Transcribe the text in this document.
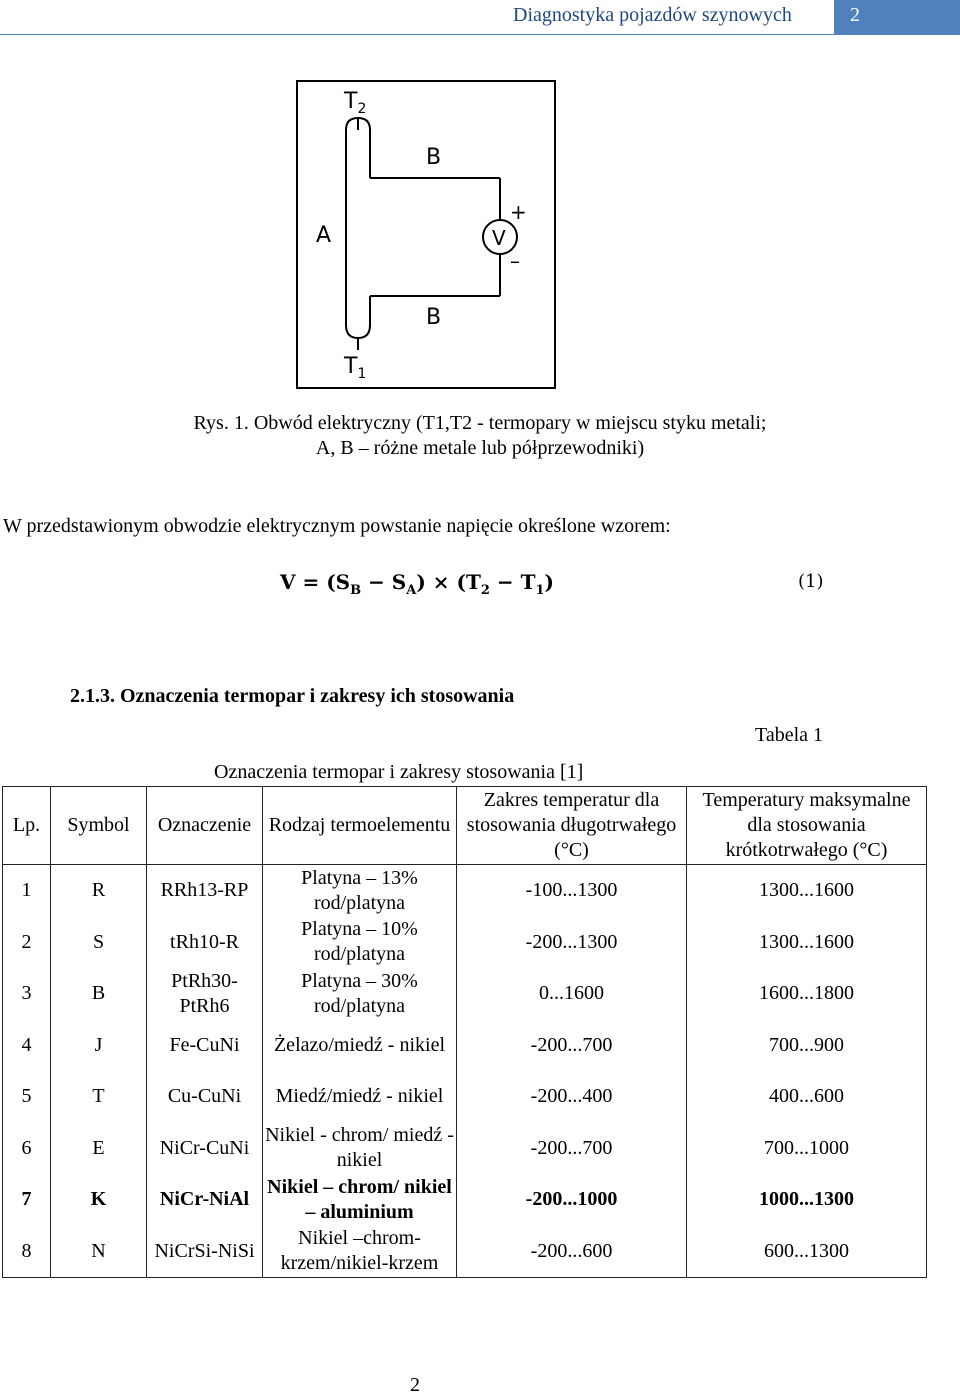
Diagnostyka pojazdów szynowych	2
$T_2$
B
A	V
+
–
B
$T_1$
Rys. 1. Obwód elektryczny (T1,T2 - termopary w miejscu styku metali;
A, B – różne metale lub półprzewodniki)
W przedstawionym obwodzie elektrycznym powstanie napięcie określone wzorem:
$V = (S_B - S_A) \times (T_2 - T_1)$	(1)
2.1.3. Oznaczenia termopar i zakresy ich stosowania
Tabela 1
Oznaczenia termopar i zakresy stosowania [1]
Lp.	Symbol	Oznaczenie	Rodzaj termoelementu	Zakres temperatur dla stosowania długotrwałego (°C)	Temperatury maksymalne dla stosowania krótkotrwałego (°C)
1	R	RRh13-RP	Platyna – 13% rod/platyna	-100...1300	1300...1600
2	S	tRh10-R	Platyna – 10% rod/platyna	-200...1300	1300...1600
3	B	PtRh30-PtRh6	Platyna – 30% rod/platyna	0...1600	1600...1800
4	J	Fe-CuNi	Żelazo/miedź - nikiel	-200...700	700...900
5	T	Cu-CuNi	Miedź/miedź - nikiel	-200...400	400...600
6	E	NiCr-CuNi	Nikiel - chrom/ miedź - nikiel	-200...700	700...1000
7	K	NiCr-NiAl	Nikiel – chrom/ nikiel – aluminium	-200...1000	1000...1300
8	N	NiCrSi-NiSi	Nikiel –chrom-krzem/nikiel-krzem	-200...600	600...1300
2
